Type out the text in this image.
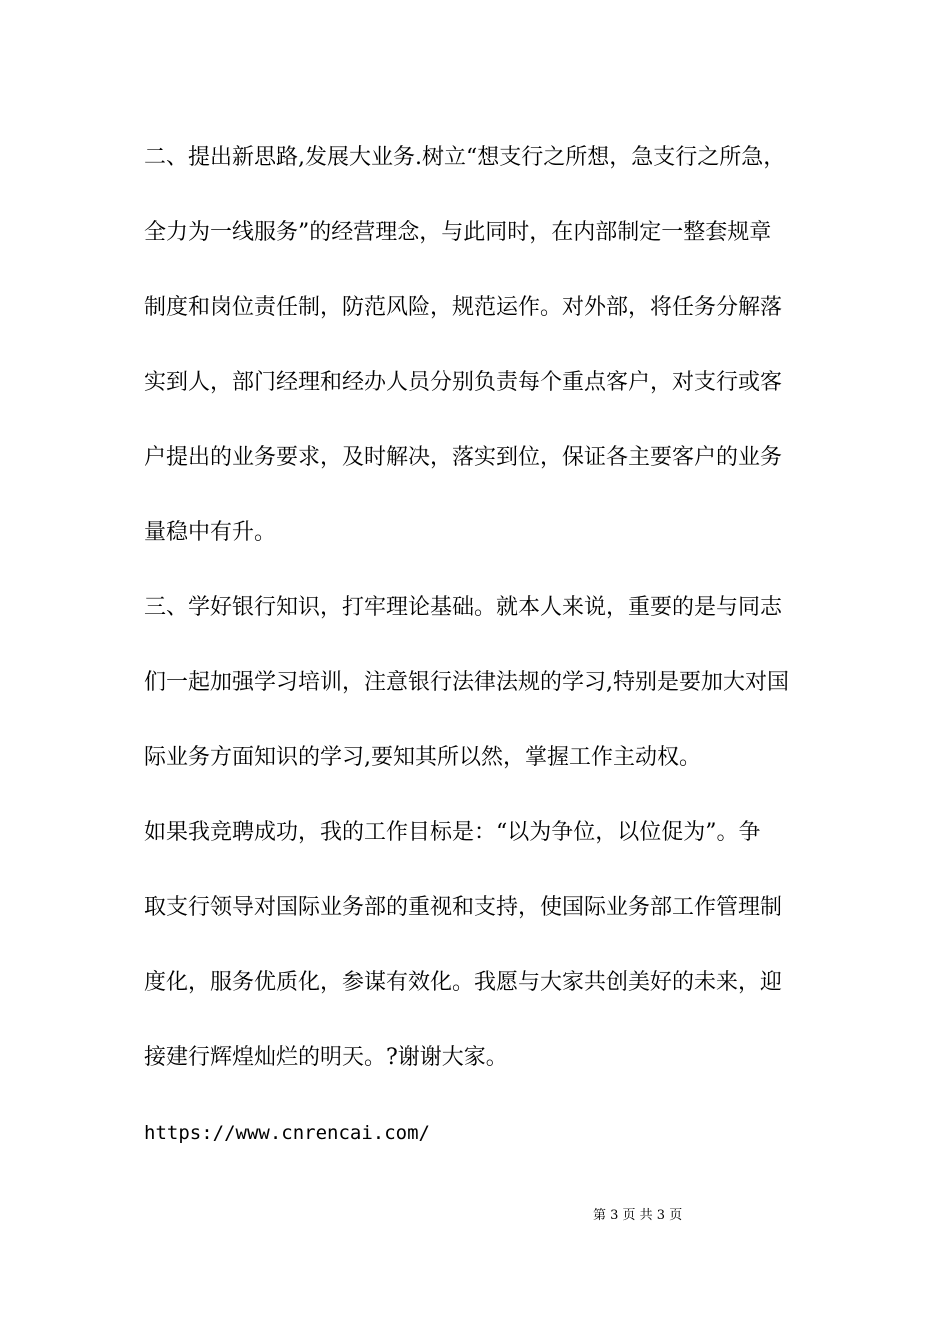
二、提出新思路,发展大业务.树立“想支行之所想，急支行之所急，
全力为一线服务”的经营理念，与此同时，在内部制定一整套规章
制度和岗位责任制，防范风险，规范运作。对外部，将任务分解落
实到人，部门经理和经办人员分别负责每个重点客户，对支行或客
户提出的业务要求，及时解决，落实到位，保证各主要客户的业务
量稳中有升。
三、学好银行知识，打牢理论基础。就本人来说，重要的是与同志
们一起加强学习培训，注意银行法律法规的学习,特别是要加大对国
际业务方面知识的学习,要知其所以然，掌握工作主动权。
如果我竞聘成功，我的工作目标是：“以为争位，以位促为”。争
取支行领导对国际业务部的重视和支持，使国际业务部工作管理制
度化，服务优质化，参谋有效化。我愿与大家共创美好的未来，迎
接建行辉煌灿烂的明天。?谢谢大家。
https://www.cnrencai.com/
第 3 页 共 3 页
